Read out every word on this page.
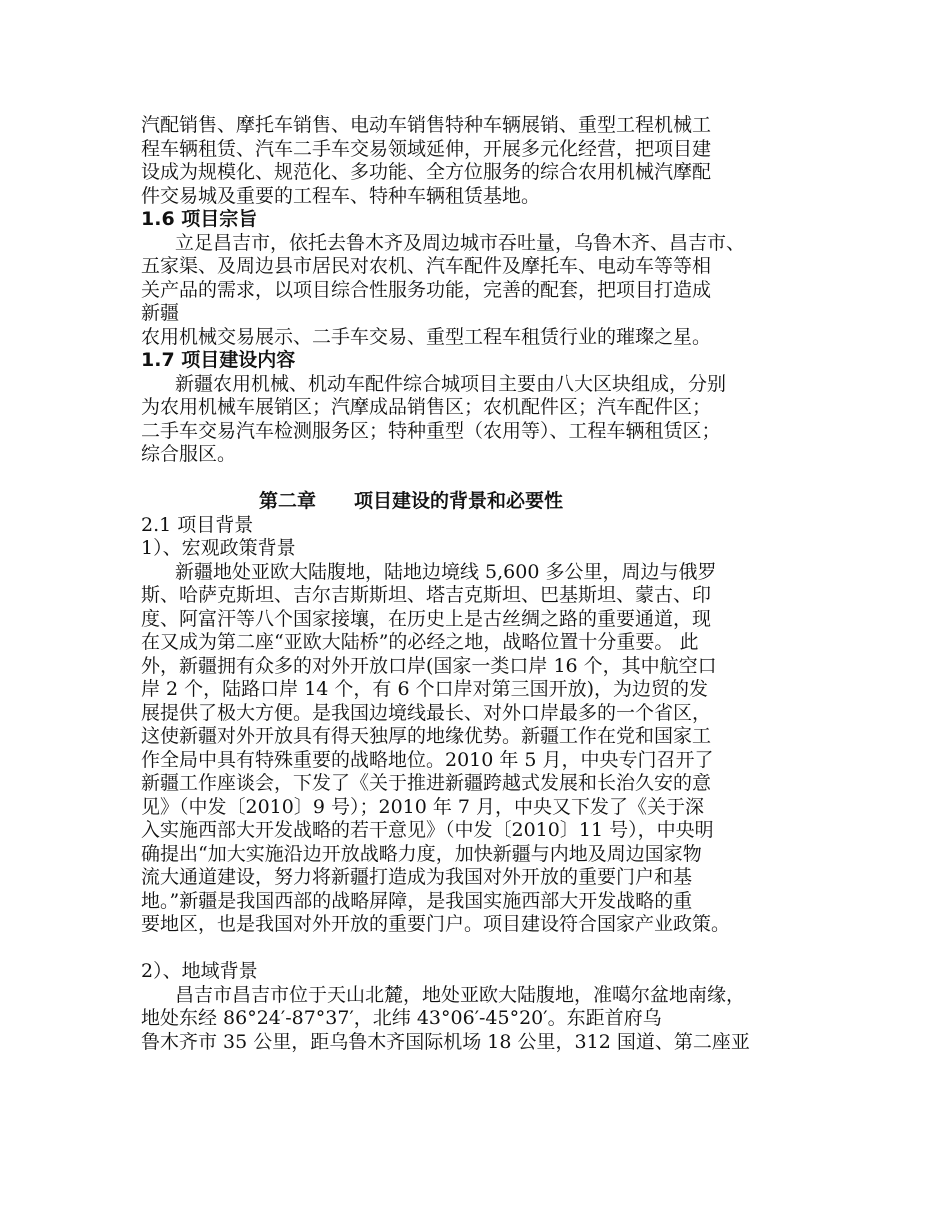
汽配销售、摩托车销售、电动车销售特种车辆展销、重型工程机械工
程车辆租赁、汽车二手车交易领域延伸，开展多元化经营，把项目建
设成为规模化、规范化、多功能、全方位服务的综合农用机械汽摩配
件交易城及重要的工程车、特种车辆租赁基地。
1.6 项目宗旨
立足昌吉市，依托去鲁木齐及周边城市吞吐量，乌鲁木齐、昌吉市、
五家渠、及周边县市居民对农机、汽车配件及摩托车、电动车等等相
关产品的需求，以项目综合性服务功能，完善的配套，把项目打造成
新疆
农用机械交易展示、二手车交易、重型工程车租赁行业的璀璨之星。
1.7 项目建设内容
新疆农用机械、机动车配件综合城项目主要由八大区块组成，分别
为农用机械车展销区；汽摩成品销售区；农机配件区；汽车配件区；
二手车交易汽车检测服务区；特种重型（农用等）、工程车辆租赁区；
综合服区。
第二章　　项目建设的背景和必要性
2.1 项目背景
1）、宏观政策背景
新疆地处亚欧大陆腹地，陆地边境线 5,600 多公里，周边与俄罗
斯、哈萨克斯坦、吉尔吉斯斯坦、塔吉克斯坦、巴基斯坦、蒙古、印
度、阿富汗等八个国家接壤，在历史上是古丝绸之路的重要通道，现
在又成为第二座“亚欧大陆桥”的必经之地，战略位置十分重要。 此
外，新疆拥有众多的对外开放口岸(国家一类口岸 16 个，其中航空口
岸 2 个，陆路口岸 14 个，有 6 个口岸对第三国开放)，为边贸的发
展提供了极大方便。是我国边境线最长、对外口岸最多的一个省区，
这使新疆对外开放具有得天独厚的地缘优势。新疆工作在党和国家工
作全局中具有特殊重要的战略地位。2010 年 5 月，中央专门召开了
新疆工作座谈会，下发了《关于推进新疆跨越式发展和长治久安的意
见》（中发〔2010〕9 号）；2010 年 7 月，中央又下发了《关于深
入实施西部大开发战略的若干意见》（中发〔2010〕11 号），中央明
确提出“加大实施沿边开放战略力度，加快新疆与内地及周边国家物
流大通道建设，努力将新疆打造成为我国对外开放的重要门户和基
地。”新疆是我国西部的战略屏障，是我国实施西部大开发战略的重
要地区，也是我国对外开放的重要门户。项目建设符合国家产业政策。
2）、地域背景
昌吉市昌吉市位于天山北麓，地处亚欧大陆腹地，准噶尔盆地南缘，
地处东经 86°24′-87°37′，北纬 43°06′-45°20′。东距首府乌
鲁木齐市 35 公里，距乌鲁木齐国际机场 18 公里，312 国道、第二座亚
